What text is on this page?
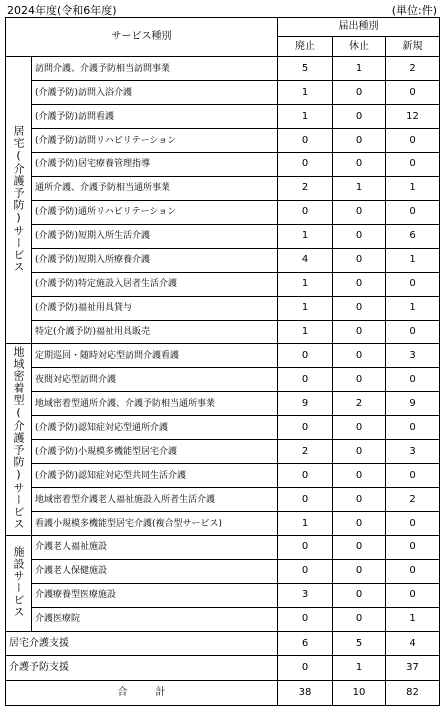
2024年度(令和6年度)	(単位:件)
サービス種別		届出種別		
		廃止	休止	新規
居宅(介護予防)サービス	訪問介護、介護予防相当訪問事業	5	1	2
	(介護予防)訪問入浴介護	1	0	0
	(介護予防)訪問看護	1	0	12
	(介護予防)訪問リハビリテーション	0	0	0
	(介護予防)居宅療養管理指導	0	0	0
	通所介護、介護予防相当通所事業	2	1	1
	(介護予防)通所リハビリテーション	0	0	0
	(介護予防)短期入所生活介護	1	0	6
	(介護予防)短期入所療養介護	4	0	1
	(介護予防)特定施設入居者生活介護	1	0	0
	(介護予防)福祉用具貸与	1	0	1
	特定(介護予防)福祉用具販売	1	0	0
地域密着型(介護予防)サービス	定期巡回・随時対応型訪問介護看護	0	0	3
	夜間対応型訪問介護	0	0	0
	地域密着型通所介護、介護予防相当通所事業	9	2	9
	(介護予防)認知症対応型通所介護	0	0	0
	(介護予防)小規模多機能型居宅介護	2	0	3
	(介護予防)認知症対応型共同生活介護	0	0	0
	地域密着型介護老人福祉施設入所者生活介護	0	0	2
	看護小規模多機能型居宅介護(複合型サービス)	1	0	0
施設サービス	介護老人福祉施設	0	0	0
	介護老人保健施設	0	0	0
	介護療養型医療施設	3	0	0
	介護医療院	0	0	1
居宅介護支援		6	5	4
介護予防支援		0	1	37
合計		38	10	82
